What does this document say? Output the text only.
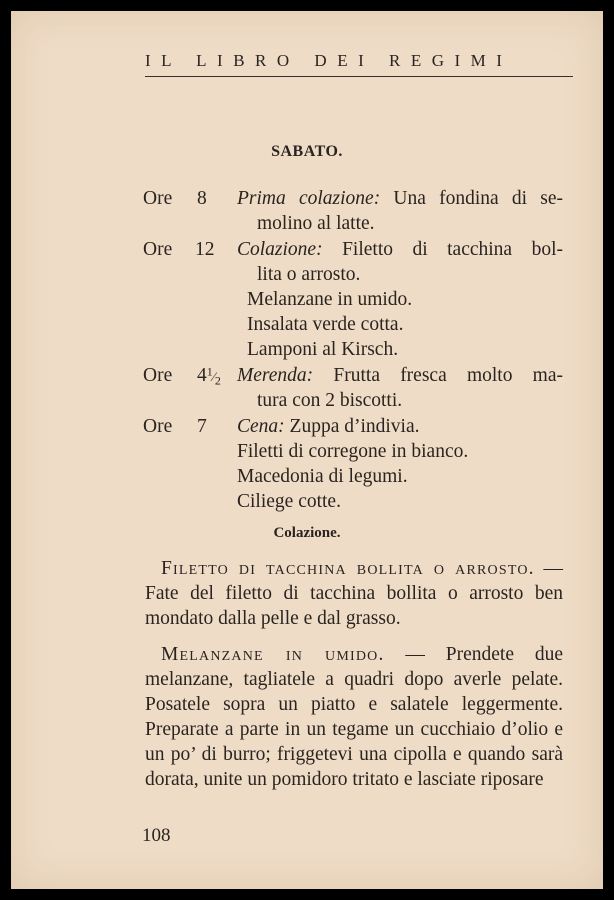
IL LIBRO DEI REGIMI
SABATO.
Ore 8 Prima colazione: Una fondina di se-
molino al latte.
Ore 12 Colazione: Filetto di tacchina bol-
lita o arrosto.
Melanzane in umido.
Insalata verde cotta.
Lamponi al Kirsch.
Ore $4^1⁄_2$ Merenda: Frutta fresca molto ma-
tura con 2 biscotti.
Ore 7 Cena: Zuppa d’indivia.
Filetti di corregone in bianco.
Macedonia di legumi.
Ciliege cotte.
Colazione.
Filetto di tacchina bollita o arrosto. — Fate del filetto di tacchina bollita o arrosto ben mondato dalla pelle e dal grasso.
Melanzane in umido. — Prendete due melanzane, tagliatele a quadri dopo averle pelate. Posatele sopra un piatto e salatele leggermente. Preparate a parte in un tegame un cucchiaio d’olio e un po’ di burro; friggetevi una cipolla e quando sarà dorata, unite un pomidoro tritato e lasciate riposare
108
